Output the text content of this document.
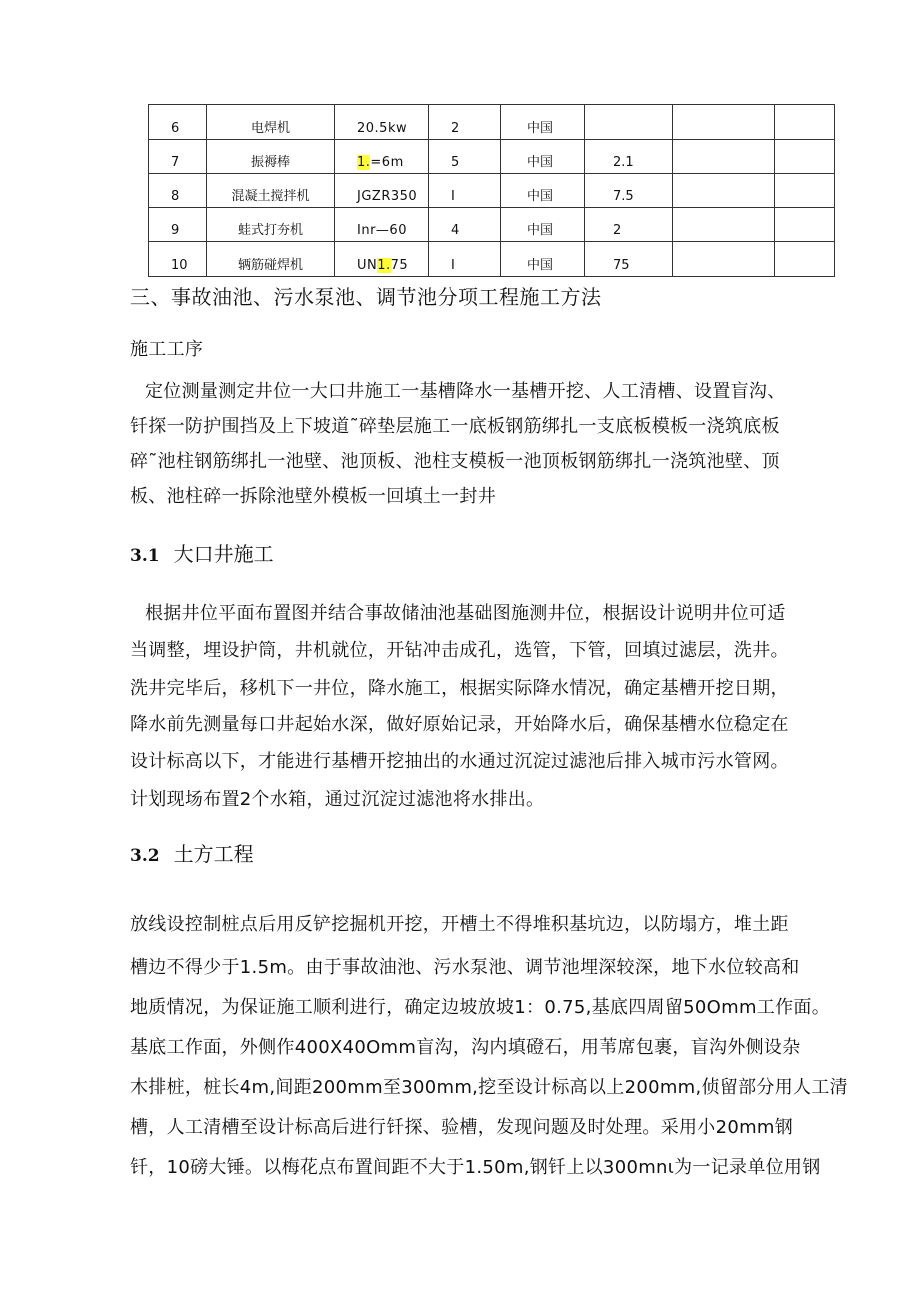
6	电焊机	20.5kw	2	中国			
7	振褥棒	1.=6m	5	中国	2.1		
8	混凝土搅拌机	JGZR350	I	中国	7.5		
9	蛙式打夯机	Inr—60	4	中国	2		
10	辆筋碰焊机	UN1.75	I	中国	75		
三、事故油池、污水泵池、调节池分项工程施工方法
施工工序
定位测量测定井位一大口井施工一基槽降水一基槽开挖、人工清槽、设置盲沟、
钎探一防护围挡及上下坡道˜碎垫层施工一底板钢筋绑扎一支底板模板一浇筑底板
碎˜池柱钢筋绑扎一池壁、池顶板、池柱支模板一池顶板钢筋绑扎一浇筑池壁、顶
板、池柱碎一拆除池壁外模板一回填土一封井
3.1 大口井施工
根据井位平面布置图并结合事故储油池基础图施测井位，根据设计说明井位可适
当调整，埋设护筒，井机就位，开钻冲击成孔，选管，下管，回填过滤层，洗井。
洗井完毕后，移机下一井位，降水施工，根据实际降水情况，确定基槽开挖日期，
降水前先测量每口井起始水深，做好原始记录，开始降水后，确保基槽水位稳定在
设计标高以下，才能进行基槽开挖抽出的水通过沉淀过滤池后排入城市污水管网。
计划现场布置2个水箱，通过沉淀过滤池将水排出。
3.2 土方工程
放线设控制桩点后用反铲挖掘机开挖，开槽土不得堆积基坑边，以防塌方，堆土距
槽边不得少于1.5m。由于事故油池、污水泵池、调节池埋深较深，地下水位较高和
地质情况，为保证施工顺利进行，确定边坡放坡1：0.75,基底四周留50Omm工作面。
基底工作面，外侧作400X40Omm盲沟，沟内填磴石，用苇席包裹，盲沟外侧设杂
木排桩，桩长4m,间距200mm至300mm,挖至设计标高以上200mm,侦留部分用人工清
槽，人工清槽至设计标高后进行钎探、验槽，发现问题及时处理。采用小20mm钢
钎，10磅大锤。以梅花点布置间距不大于1.50m,钢钎上以300mnι为一记录单位用钢
